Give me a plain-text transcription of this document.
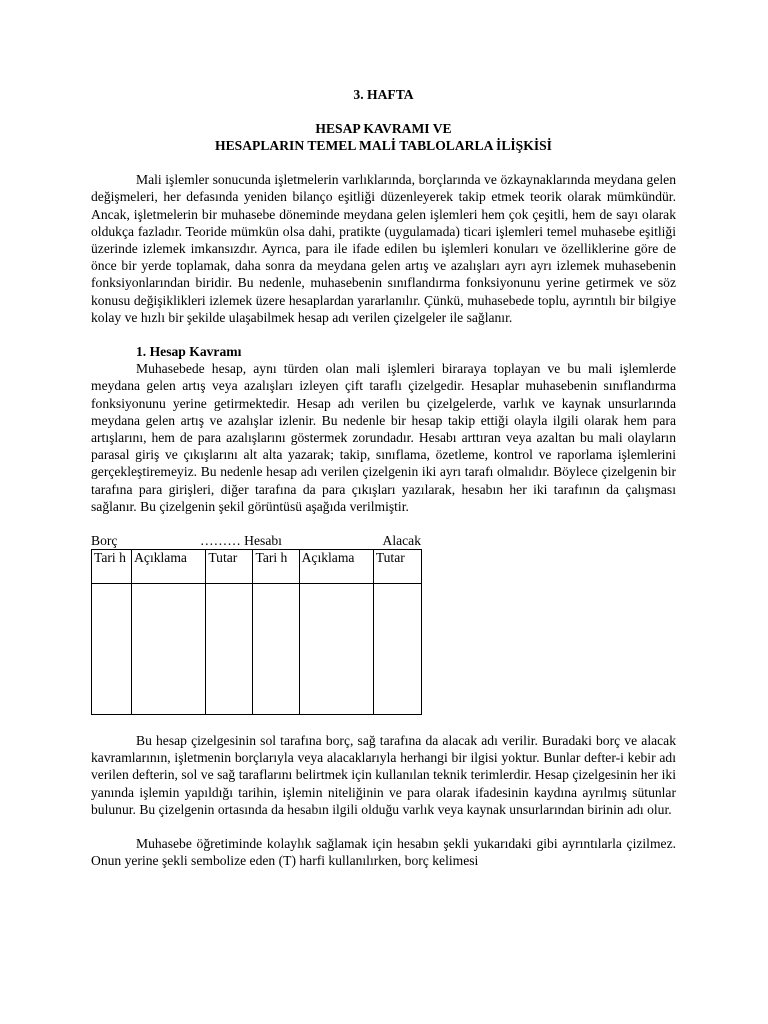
3. HAFTA
HESAP KAVRAMI VE
HESAPLARIN TEMEL MALİ TABLOLARLA İLİŞKİSİ

Mali işlemler sonucunda işletmelerin varlıklarında, borçlarında ve özkaynaklarında meydana gelen değişmeleri, her defasında yeniden bilanço eşitliği düzenleyerek takip etmek teorik olarak mümkündür. Ancak, işletmelerin bir muhasebe döneminde meydana gelen işlemleri hem çok çeşitli, hem de sayı olarak oldukça fazladır. Teoride mümkün olsa dahi, pratikte (uygulamada) ticari işlemleri temel muhasebe eşitliği üzerinde izlemek imkansızdır. Ayrıca, para ile ifade edilen bu işlemleri konuları ve özelliklerine göre de önce bir yerde toplamak, daha sonra da meydana gelen artış ve azalışları ayrı ayrı izlemek muhasebenin fonksiyonlarından biridir. Bu nedenle, muhasebenin sınıflandırma fonksiyonunu yerine getirmek ve söz konusu değişiklikleri izlemek üzere hesaplardan yararlanılır. Çünkü, muhasebede toplu, ayrıntılı bir bilgiye kolay ve hızlı bir şekilde ulaşabilmek hesap adı verilen çizelgeler ile sağlanır.

1. Hesap Kavramı

Muhasebede hesap, aynı türden olan mali işlemleri biraraya toplayan ve bu mali işlemlerde meydana gelen artış veya azalışları izleyen çift taraflı çizelgedir. Hesaplar muhasebenin sınıflandırma fonksiyonunu yerine getirmektedir. Hesap adı verilen bu çizelgelerde, varlık ve kaynak unsurlarında meydana gelen artış ve azalışlar izlenir. Bu nedenle bir hesap takip ettiği olayla ilgili olarak hem para artışlarını, hem de para azalışlarını göstermek zorundadır. Hesabı arttıran veya azaltan bu mali olayların parasal giriş ve çıkışlarını alt alta yazarak; takip, sınıflama, özetleme, kontrol ve raporlama işlemlerini gerçekleştiremeyiz. Bu nedenle hesap adı verilen çizelgenin iki ayrı tarafı olmalıdır. Böylece çizelgenin bir tarafına para girişleri, diğer tarafına da para çıkışları yazılarak, hesabın her iki tarafının da çalışması sağlanır. Bu çizelgenin şekil görüntüsü aşağıda verilmiştir.

Borç	……… Hesabı	Alacak
Tari h	Açıklama	Tutar	Tari h	Açıklama	Tutar

Bu hesap çizelgesinin sol tarafına borç, sağ tarafına da alacak adı verilir. Buradaki borç ve alacak kavramlarının, işletmenin borçlarıyla veya alacaklarıyla herhangi bir ilgisi yoktur. Bunlar defter-i kebir adı verilen defterin, sol ve sağ taraflarını belirtmek için kullanılan teknik terimlerdir. Hesap çizelgesinin her iki yanında işlemin yapıldığı tarihin, işlemin niteliğinin ve para olarak ifadesinin kaydına ayrılmış sütunlar bulunur. Bu çizelgenin ortasında da hesabın ilgili olduğu varlık veya kaynak unsurlarından birinin adı olur.

Muhasebe öğretiminde kolaylık sağlamak için hesabın şekli yukarıdaki gibi ayrıntılarla çizilmez. Onun yerine şekli sembolize eden (T) harfi kullanılırken, borç kelimesi
